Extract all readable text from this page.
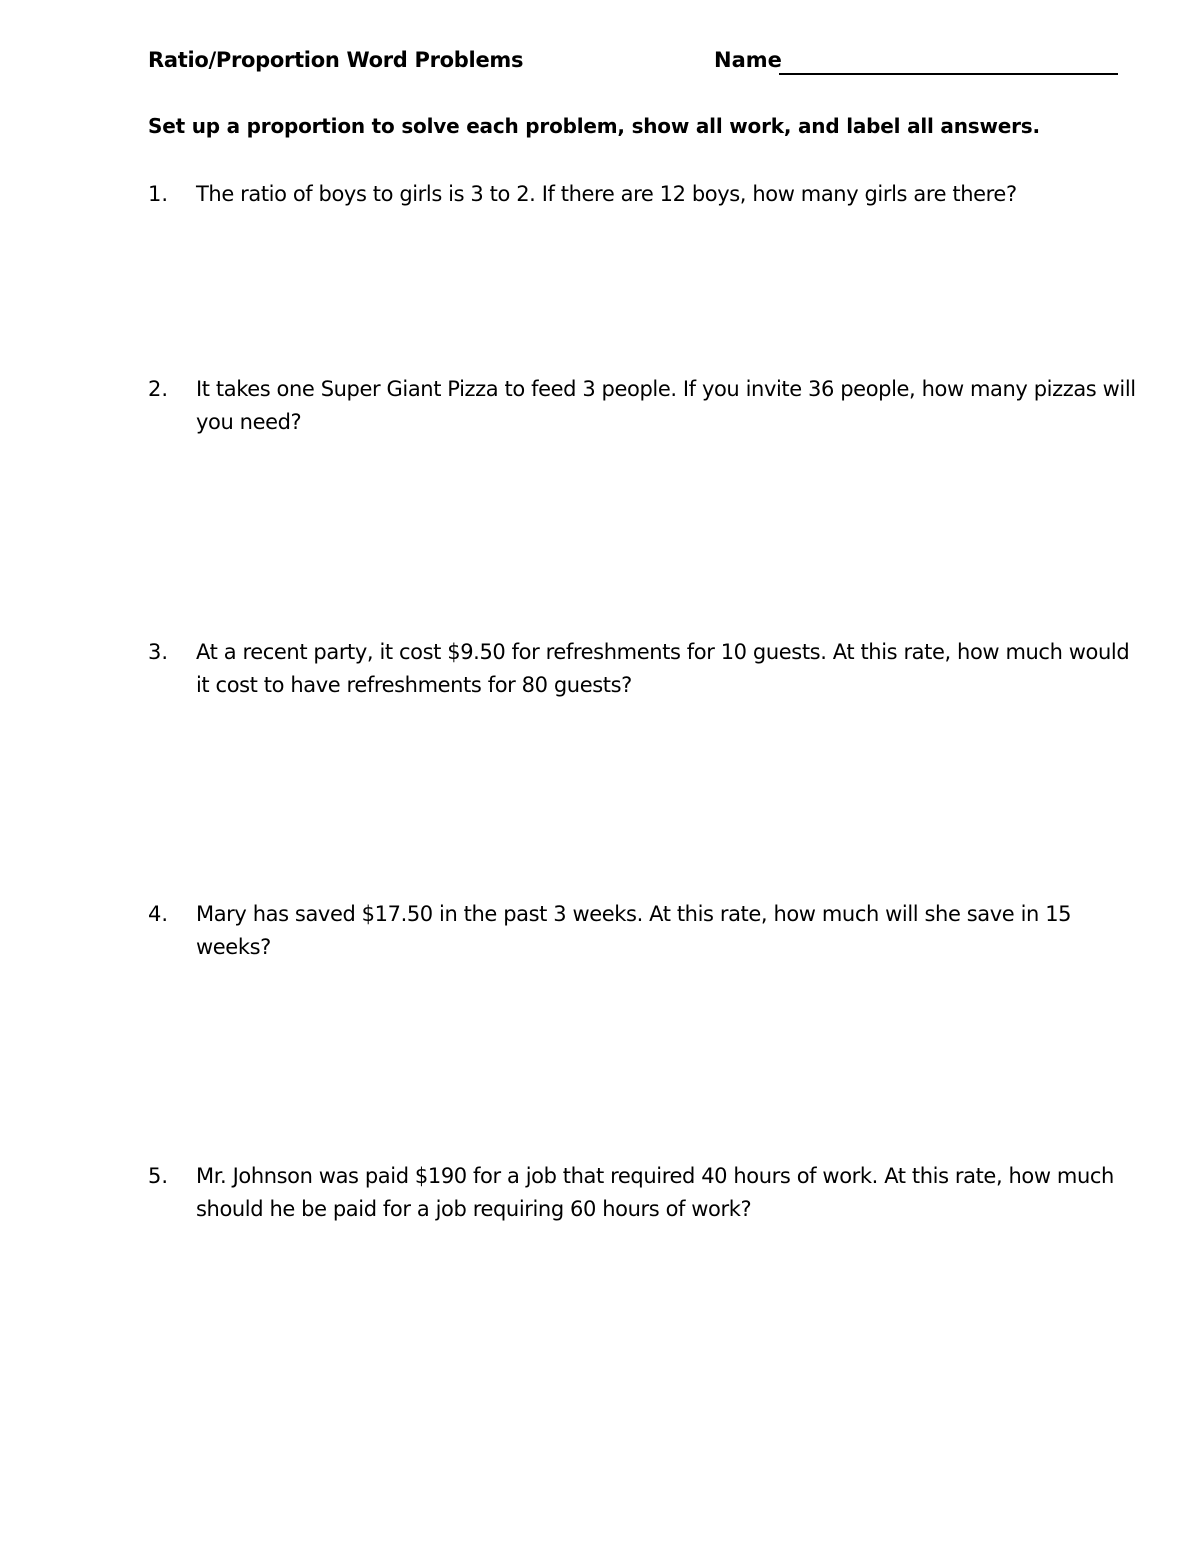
Ratio/Proportion Word Problems	Name
Set up a proportion to solve each problem, show all work, and label all answers.
1. The ratio of boys to girls is 3 to 2. If there are 12 boys, how many girls are there?
2. It takes one Super Giant Pizza to feed 3 people. If you invite 36 people, how many pizzas will you need?
3. At a recent party, it cost $9.50 for refreshments for 10 guests. At this rate, how much would it cost to have refreshments for 80 guests?
4. Mary has saved $17.50 in the past 3 weeks. At this rate, how much will she save in 15 weeks?
5. Mr. Johnson was paid $190 for a job that required 40 hours of work. At this rate, how much should he be paid for a job requiring 60 hours of work?
